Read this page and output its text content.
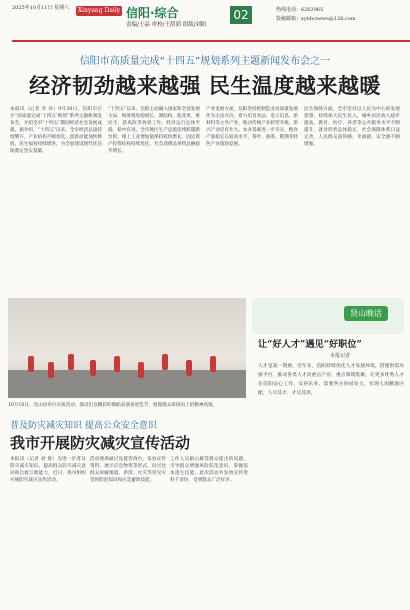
2025年10月11日 星期六	Xinyang Daily 信阳·综合
责编/王晶 审校/王荫荫 组版/刘阳
02	热线电话：6262965
投稿邮箱：xybbcnews@126.com
信阳市高质量完成“十四五”规划系列主题新闻发布会之一
经济韧劲越来越强 民生温度越来越暖
本报讯（记者 李 涛）9月30日，信阳市召开“高质量完成‘十四五’规划”系列主题新闻发布会，介绍全市“十四五”期间经济社会发展成就。据介绍，“十四五”以来，全市经济总量持续攀升，产业结构不断优化，创新动能加快释放，民生福祉持续增进，为全面建设现代化信阳奠定坚实基础。
“十四五”以来，信阳主动融入国家和全省发展大局，统筹推进稳增长、调结构、促改革、惠民生、防风险等各项工作，经济运行总体平稳、稳中有进。全市地区生产总值连续跨越新台阶，规上工业增加值保持较快增长，固定资产投资结构持续优化，社会消费品零售总额稳步增长。
产业发展方面，信阳坚持把制造业高质量发展作为主攻方向，着力培育食品、电子信息、新材料等主导产业，推动传统产业转型升级、新兴产业培育壮大。农业基础进一步夯实，粮食产量稳定在较高水平，茶叶、油茶、稻渔等特色产业蓬勃发展。
民生保障方面，全市坚持以人民为中心的发展思想，持续加大民生投入，城乡居民收入稳步提高，教育、医疗、养老等公共服务水平不断提升，就业形势总体稳定，社会保障体系日益完善，人民群众获得感、幸福感、安全感不断增强。
10月10日，光山县举行庆祝活动，演员们以精彩的舞蹈表演喜迎佳节，展现群众昂扬向上的精神风貌。
贤山晚话
让“好人才”遇见“好职位”
本报记者
人才是第一资源。近年来，信阳持续优化人才发展环境，搭建供需对接平台，推动各类人才向重点产业、重点领域集聚。让更多优秀人才在信阳安心工作、安居乐业，需要各方协同发力，实现人岗精准匹配、人尽其才、才尽其用。
普及防灾减灾知识 提高公众安全意识
我市开展防灾减灾宣传活动
本报讯（记者 刘 蓉）为进一步普及防灾减灾知识，提高群众防灾减灾意识和自救互救能力，近日，我市组织开展防灾减灾宣传活动。
活动现场通过设置咨询台、发放宣传资料、展示应急物资等形式，向过往群众讲解地震、洪涝、火灾等常见灾害的防范知识和应急避险技能。
工作人员耐心解答群众提出的问题，引导群众增强风险防范意识，掌握基本逃生技能。此次活动共发放宣传资料千余份，受到群众广泛好评。
